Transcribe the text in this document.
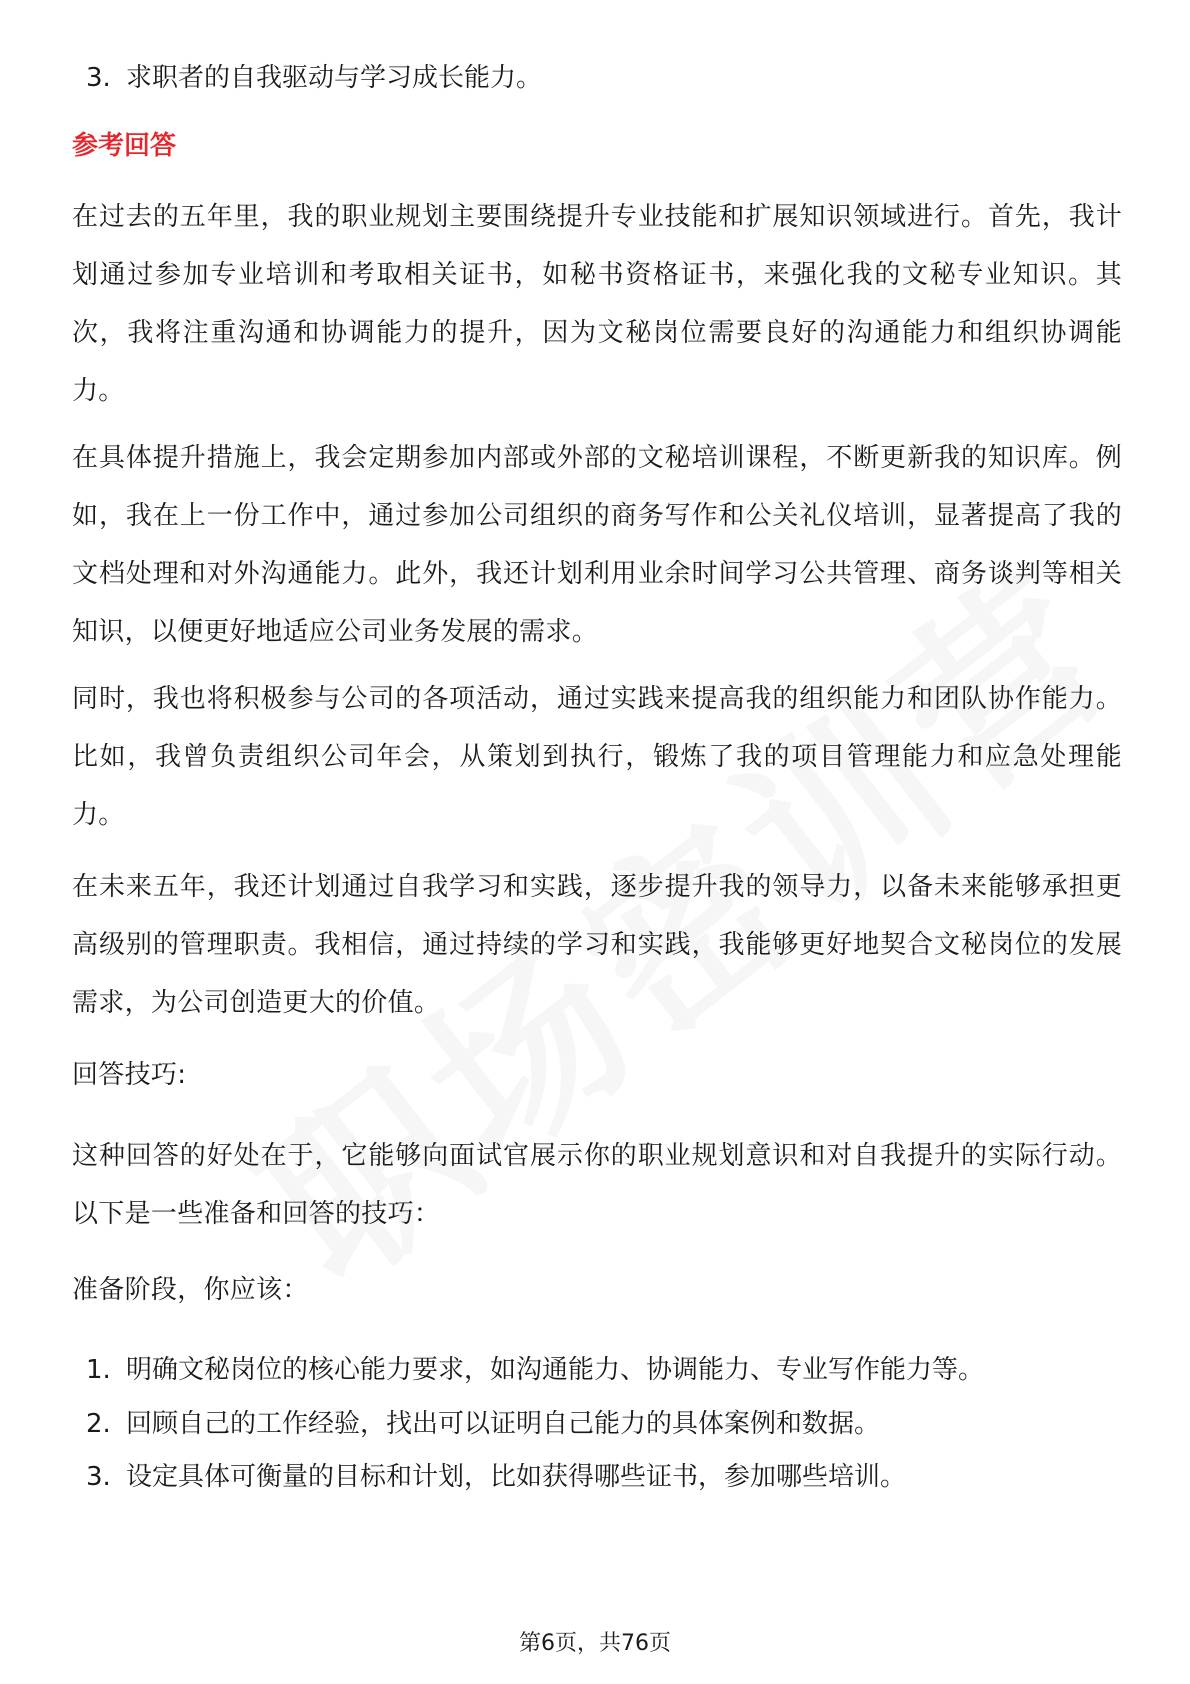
3. 求职者的自我驱动与学习成长能力。
参考回答
在过去的五年里，我的职业规划主要围绕提升专业技能和扩展知识领域进行。首先，我计划通过参加专业培训和考取相关证书，如秘书资格证书，来强化我的文秘专业知识。其次，我将注重沟通和协调能力的提升，因为文秘岗位需要良好的沟通能力和组织协调能力。
在具体提升措施上，我会定期参加内部或外部的文秘培训课程，不断更新我的知识库。例如，我在上一份工作中，通过参加公司组织的商务写作和公关礼仪培训，显著提高了我的文档处理和对外沟通能力。此外，我还计划利用业余时间学习公共管理、商务谈判等相关知识，以便更好地适应公司业务发展的需求。
同时，我也将积极参与公司的各项活动，通过实践来提高我的组织能力和团队协作能力。比如，我曾负责组织公司年会，从策划到执行，锻炼了我的项目管理能力和应急处理能力。
在未来五年，我还计划通过自我学习和实践，逐步提升我的领导力，以备未来能够承担更高级别的管理职责。我相信，通过持续的学习和实践，我能够更好地契合文秘岗位的发展需求，为公司创造更大的价值。
回答技巧:
这种回答的好处在于，它能够向面试官展示你的职业规划意识和对自我提升的实际行动。以下是一些准备和回答的技巧：
准备阶段，你应该：
1. 明确文秘岗位的核心能力要求，如沟通能力、协调能力、专业写作能力等。
2. 回顾自己的工作经验，找出可以证明自己能力的具体案例和数据。
3. 设定具体可衡量的目标和计划，比如获得哪些证书，参加哪些培训。
第6页，共76页
